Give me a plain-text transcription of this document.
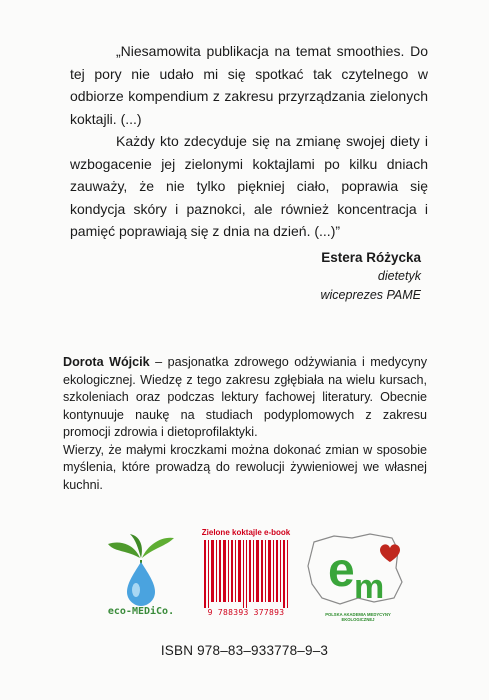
„Niesamowita publikacja na temat smoothies. Do tej pory nie udało mi się spotkać tak czytelnego w odbiorze kompendium z zakresu przyrządzania zielonych koktajli. (...)

Każdy kto zdecyduje się na zmianę swojej diety i wzbogacenie jej zielonymi koktajlami po kilku dniach zauważy, że nie tylko piękniej ciało, poprawia się kondycja skóry i paznokci, ale również koncentracja i pamięć poprawiają się z dnia na dzień. (...)”

Estera Różycka
dietetyk
wiceprezes PAME

Dorota Wójcik – pasjonatka zdrowego odżywiania i medycyny ekologicznej. Wiedzę z tego zakresu zgłębiała na wielu kursach, szkoleniach oraz podczas lektury fachowej literatury. Obecnie kontynuuje naukę na studiach podyplomowych z zakresu promocji zdrowia i dietoprofilaktyki.

Wierzy, że małymi kroczkami można dokonać zmian w sposobie myślenia, które prowadzą do rewolucji żywieniowej we własnej kuchni.

eco-MEDiCo.
Zielone koktajle e-book
9 788393 377893
e m
POLSKA AKADEMIA MEDYCYNY EKOLOGICZNEJ
ISBN 978–83–933778–9–3
